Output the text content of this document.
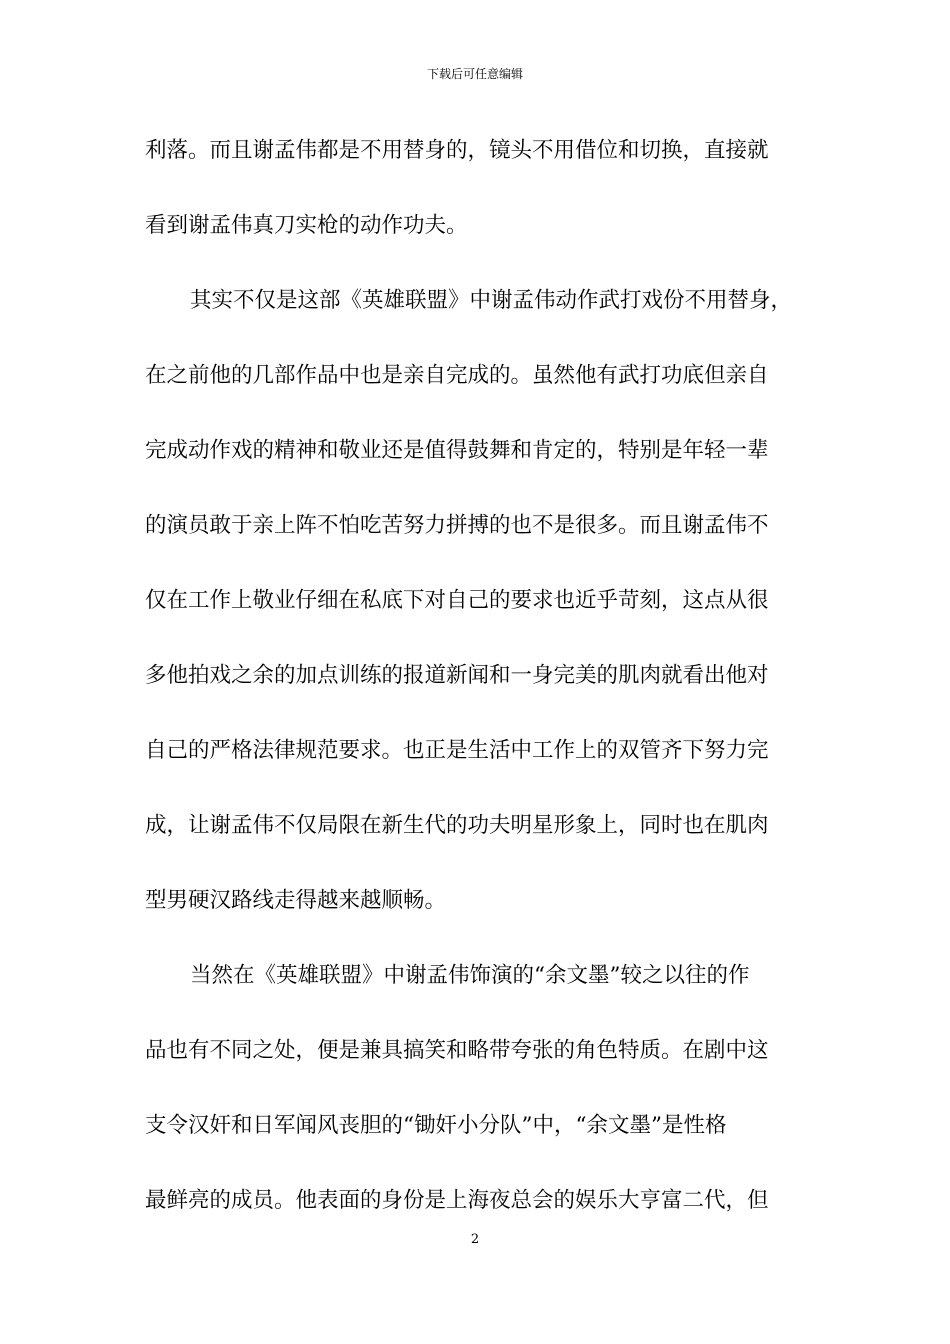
下载后可任意编辑
利落。而且谢孟伟都是不用替身的，镜头不用借位和切换，直接就
看到谢孟伟真刀实枪的动作功夫。
其实不仅是这部《英雄联盟》中谢孟伟动作武打戏份不用替身，
在之前他的几部作品中也是亲自完成的。虽然他有武打功底但亲自
完成动作戏的精神和敬业还是值得鼓舞和肯定的，特别是年轻一辈
的演员敢于亲上阵不怕吃苦努力拼搏的也不是很多。而且谢孟伟不
仅在工作上敬业仔细在私底下对自己的要求也近乎苛刻，这点从很
多他拍戏之余的加点训练的报道新闻和一身完美的肌肉就看出他对
自己的严格法律规范要求。也正是生活中工作上的双管齐下努力完
成，让谢孟伟不仅局限在新生代的功夫明星形象上，同时也在肌肉
型男硬汉路线走得越来越顺畅。
当然在《英雄联盟》中谢孟伟饰演的“余文墨”较之以往的作
品也有不同之处，便是兼具搞笑和略带夸张的角色特质。在剧中这
支令汉奸和日军闻风丧胆的“锄奸小分队”中，“余文墨”是性格
最鲜亮的成员。他表面的身份是上海夜总会的娱乐大亨富二代，但
2
